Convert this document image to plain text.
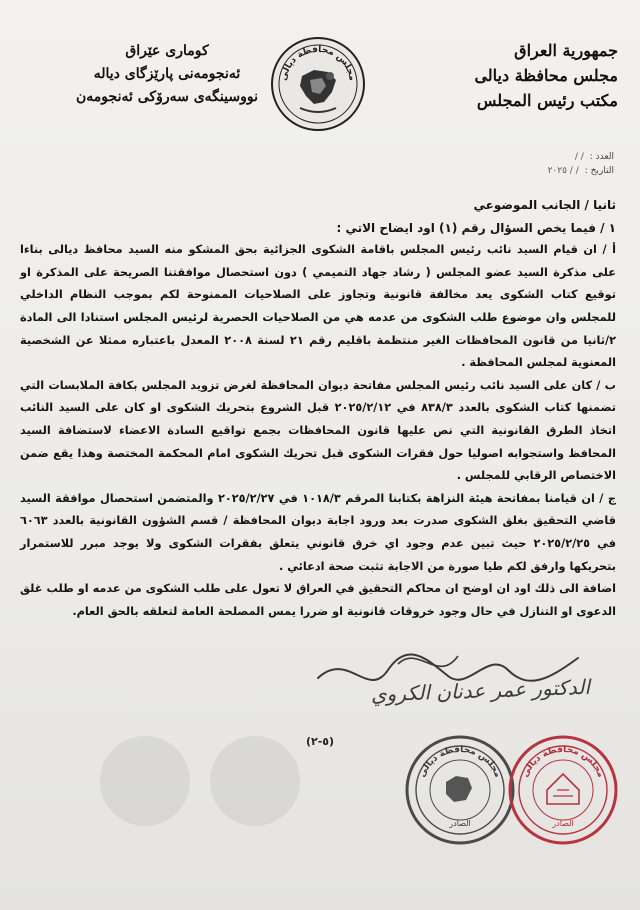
جمهورية العراق
مجلس محافظة ديالى
مكتب رئيس المجلس
کوماری عێراق
ئەنجومەنی پارێزگای دیالە
نووسینگەی سەرۆکی ئەنجومەن
مجلس محافظة ديالى
العدد :/ /
التاريخ :/ / ٢٠٢٥

ثانيا / الجانب الموضوعي

١ / فيما يخص السؤال رقم (١) اود ايضاح الاتي :

أ / ان قيام السيد نائب رئيس المجلس باقامة الشكوى الجزائية بحق المشكو منه السيد محافظ ديالى بناءا على مذكرة السيد عضو المجلس ( رشاد جهاد التميمي ) دون استحصال موافقتنا الصريحة على المذكرة او توقيع كتاب الشكوى يعد مخالفة قانونية وتجاوز على الصلاحيات الممنوحة لكم بموجب النظام الداخلي للمجلس وان موضوع طلب الشكوى من عدمه هي من الصلاحيات الحصرية لرئيس المجلس استنادا الى المادة ٢/ثانيا من قانون المحافظات الغير منتظمة باقليم رقم ٢١ لسنة ٢٠٠٨ المعدل باعتباره ممثلا عن الشخصية المعنوية لمجلس المحافظة .

ب / كان على السيد نائب رئيس المجلس مفاتحة ديوان المحافظة لغرض تزويد المجلس بكافة الملابسات التي تضمنها كتاب الشكوى بالعدد ٨٣٨/٣ في ٢٠٢٥/٢/١٢ قبل الشروع بتحريك الشكوى او كان على السيد النائب اتخاذ الطرق القانونية التي نص عليها قانون المحافظات بجمع تواقيع السادة الاعضاء لاستضافة السيد المحافظ واستجوابه اصوليا حول فقرات الشكوى قبل تحريك الشكوى امام المحكمة المختصة وهذا يقع ضمن الاختصاص الرقابي للمجلس .

ج / ان قيامنا بمفاتحة هيئة النزاهة بكتابنا المرقم ١٠١٨/٣ في ٢٠٢٥/٢/٢٧ والمتضمن استحصال موافقة السيد قاضي التحقيق بغلق الشكوى صدرت بعد ورود اجابة ديوان المحافظة / قسم الشؤون القانونية بالعدد ٦٠٦٣ في ٢٠٢٥/٢/٢٥ حيث تبين عدم وجود اي خرق قانوني يتعلق بفقرات الشكوى ولا يوجد مبرر للاستمرار بتحريكها وارفق لكم طيا صورة من الاجابة تثبت صحة ادعائي .

اضافة الى ذلك اود ان اوضح ان محاكم التحقيق في العراق لا تعول على طلب الشكوى من عدمه او طلب غلق الدعوى او التنازل في حال وجود خروقات قانونية او ضررا يمس المصلحة العامة لتعلقه بالحق العام.

الدكتور عمر عدنان الكروي
(٥-٢)
مجلس محافظة ديالى
الصادر
مجلس محافظة ديالى
الصادر
